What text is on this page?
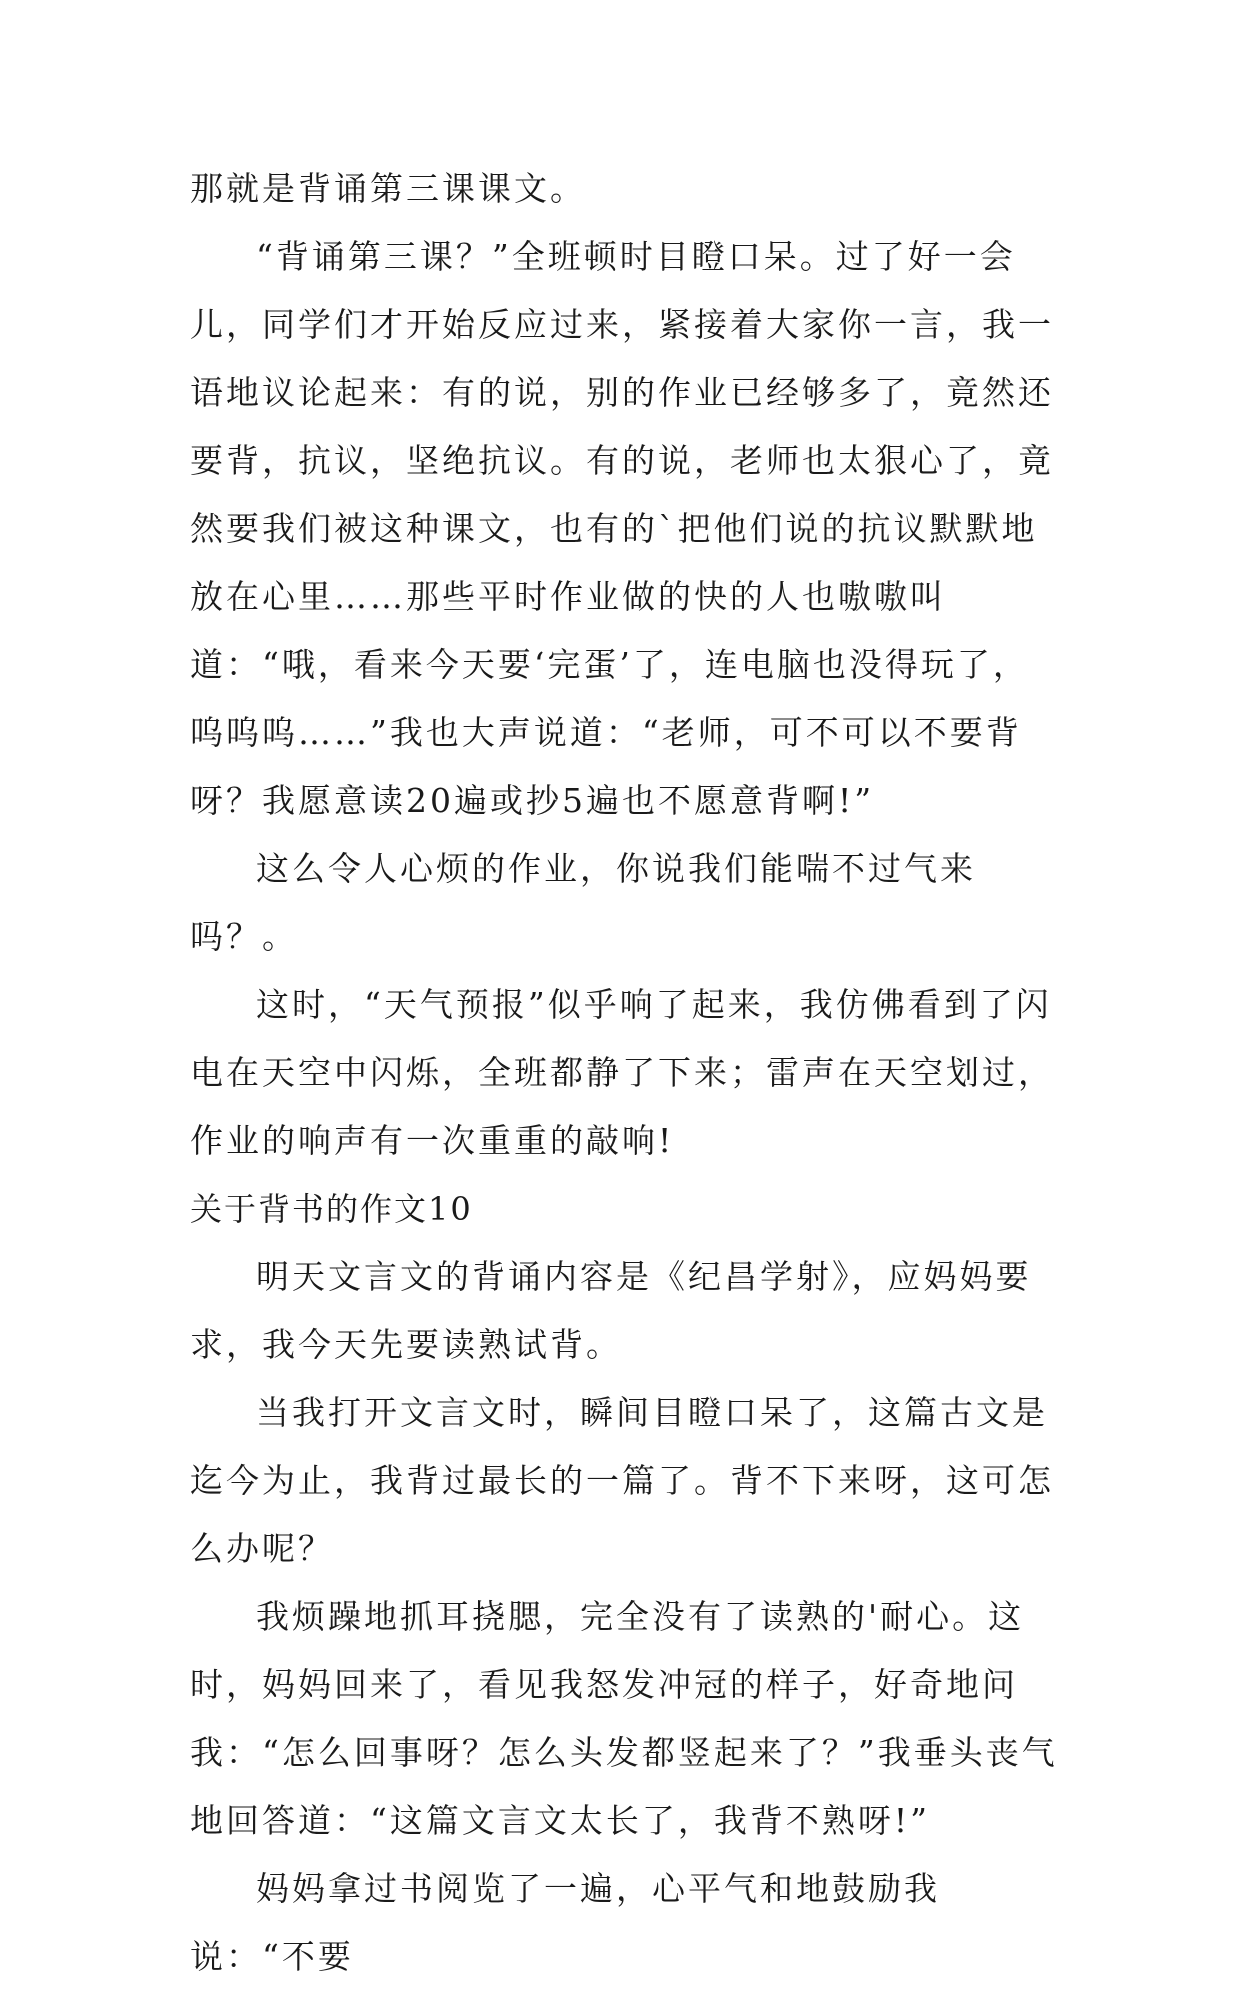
那就是背诵第三课课文。

“背诵第三课？”全班顿时目瞪口呆。过了好一会儿，同学们才开始反应过来，紧接着大家你一言，我一语地议论起来：有的说，别的作业已经够多了，竟然还要背，抗议，坚绝抗议。有的说，老师也太狠心了，竟然要我们被这种课文，也有的`把他们说的抗议默默地放在心里……那些平时作业做的快的人也嗷嗷叫道：“哦，看来今天要‘完蛋’了，连电脑也没得玩了，呜呜呜……”我也大声说道：“老师，可不可以不要背呀？我愿意读20遍或抄5遍也不愿意背啊!”

这么令人心烦的作业，你说我们能喘不过气来吗？。

这时，“天气预报”似乎响了起来，我仿佛看到了闪电在天空中闪烁，全班都静了下来；雷声在天空划过，作业的响声有一次重重的敲响!

关于背书的作文10

明天文言文的背诵内容是《纪昌学射》，应妈妈要求，我今天先要读熟试背。

当我打开文言文时，瞬间目瞪口呆了，这篇古文是迄今为止，我背过最长的一篇了。背不下来呀，这可怎么办呢？

我烦躁地抓耳挠腮，完全没有了读熟的'耐心。这时，妈妈回来了，看见我怒发冲冠的样子，好奇地问我：“怎么回事呀？怎么头发都竖起来了？”我垂头丧气地回答道：“这篇文言文太长了，我背不熟呀!”

妈妈拿过书阅览了一遍，心平气和地鼓励我说：“不要
